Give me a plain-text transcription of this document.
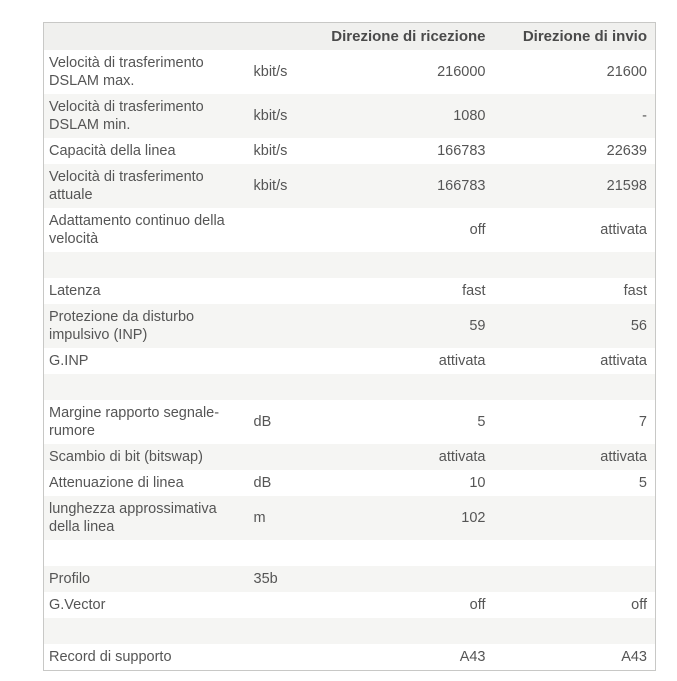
		Direzione di ricezione	Direzione di invio
Velocità di trasferimento DSLAM max.	kbit/s	216000	21600
Velocità di trasferimento DSLAM min.	kbit/s	1080	-
Capacità della linea	kbit/s	166783	22639
Velocità di trasferimento attuale	kbit/s	166783	21598
Adattamento continuo della velocità		off	attivata

Latenza		fast	fast
Protezione da disturbo impulsivo (INP)		59	56
G.INP		attivata	attivata

Margine rapporto segnale-rumore	dB	5	7
Scambio di bit (bitswap)		attivata	attivata
Attenuazione di linea	dB	10	5
lunghezza approssimativa della linea	m	102	

Profilo	35b		
G.Vector		off	off

Record di supporto		A43	A43
